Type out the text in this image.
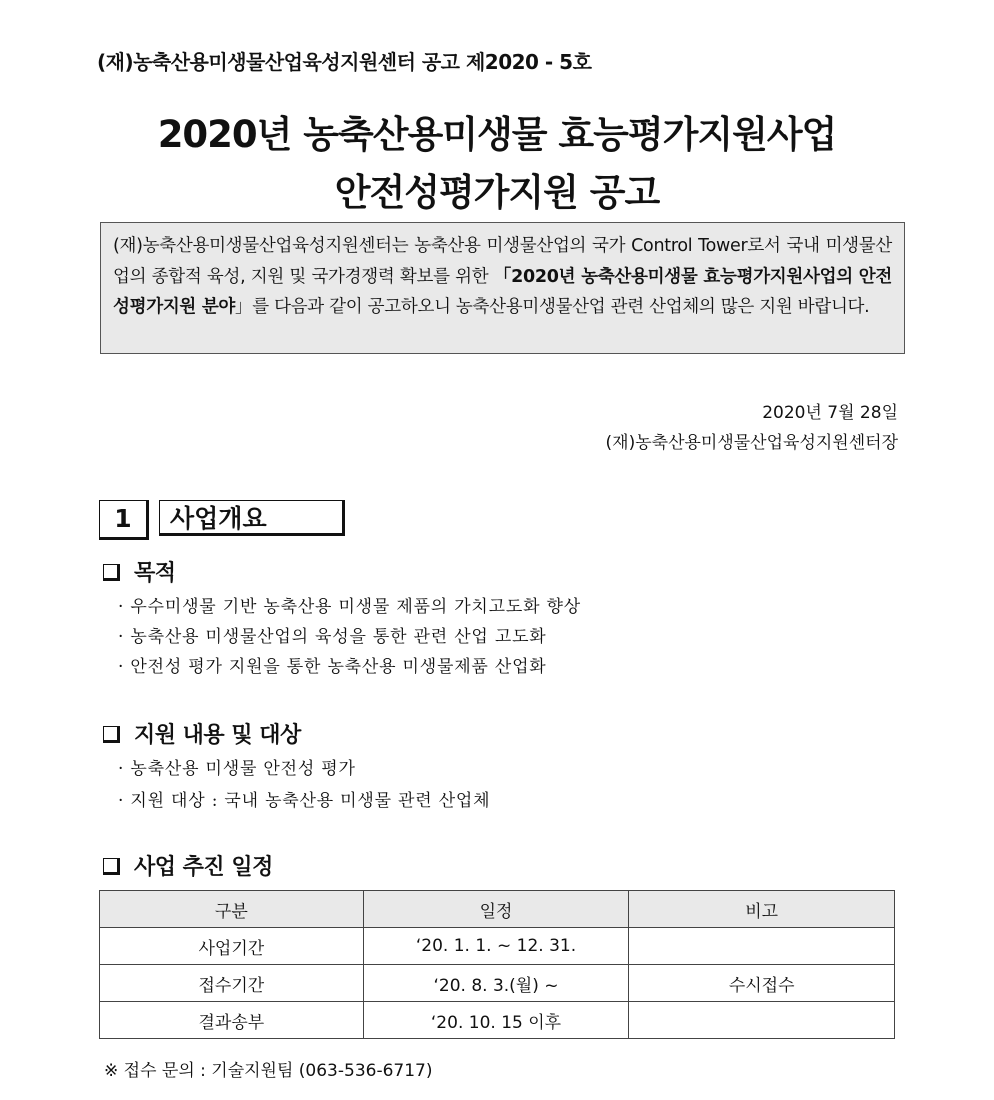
(재)농축산용미생물산업육성지원센터 공고 제2020 - 5호
2020년 농축산용미생물 효능평가지원사업
안전성평가지원 공고
(재)농축산용미생물산업육성지원센터는 농축산용 미생물산업의 국가 Control Tower로서 국내 미생물산업의 종합적 육성, 지원 및 국가경쟁력 확보를 위한 「2020년 농축산용미생물 효능평가지원사업의 안전성평가지원 분야」를 다음과 같이 공고하오니 농축산용미생물산업 관련 산업체의 많은 지원 바랍니다.
2020년 7월 28일
(재)농축산용미생물산업육성지원센터장
1	사업개요
목적
· 우수미생물 기반 농축산용 미생물 제품의 가치고도화 향상
· 농축산용 미생물산업의 육성을 통한 관련 산업 고도화
· 안전성 평가 지원을 통한 농축산용 미생물제품 산업화
지원 내용 및 대상
· 농축산용 미생물 안전성 평가
· 지원 대상 : 국내 농축산용 미생물 관련 산업체
사업 추진 일정
구분	일정	비고
사업기간	‘20. 1. 1. ~ 12. 31.	
접수기간	‘20. 8. 3.(월) ~	수시접수
결과송부	‘20. 10. 15 이후	
※ 접수 문의 : 기술지원팀 (063-536-6717)
